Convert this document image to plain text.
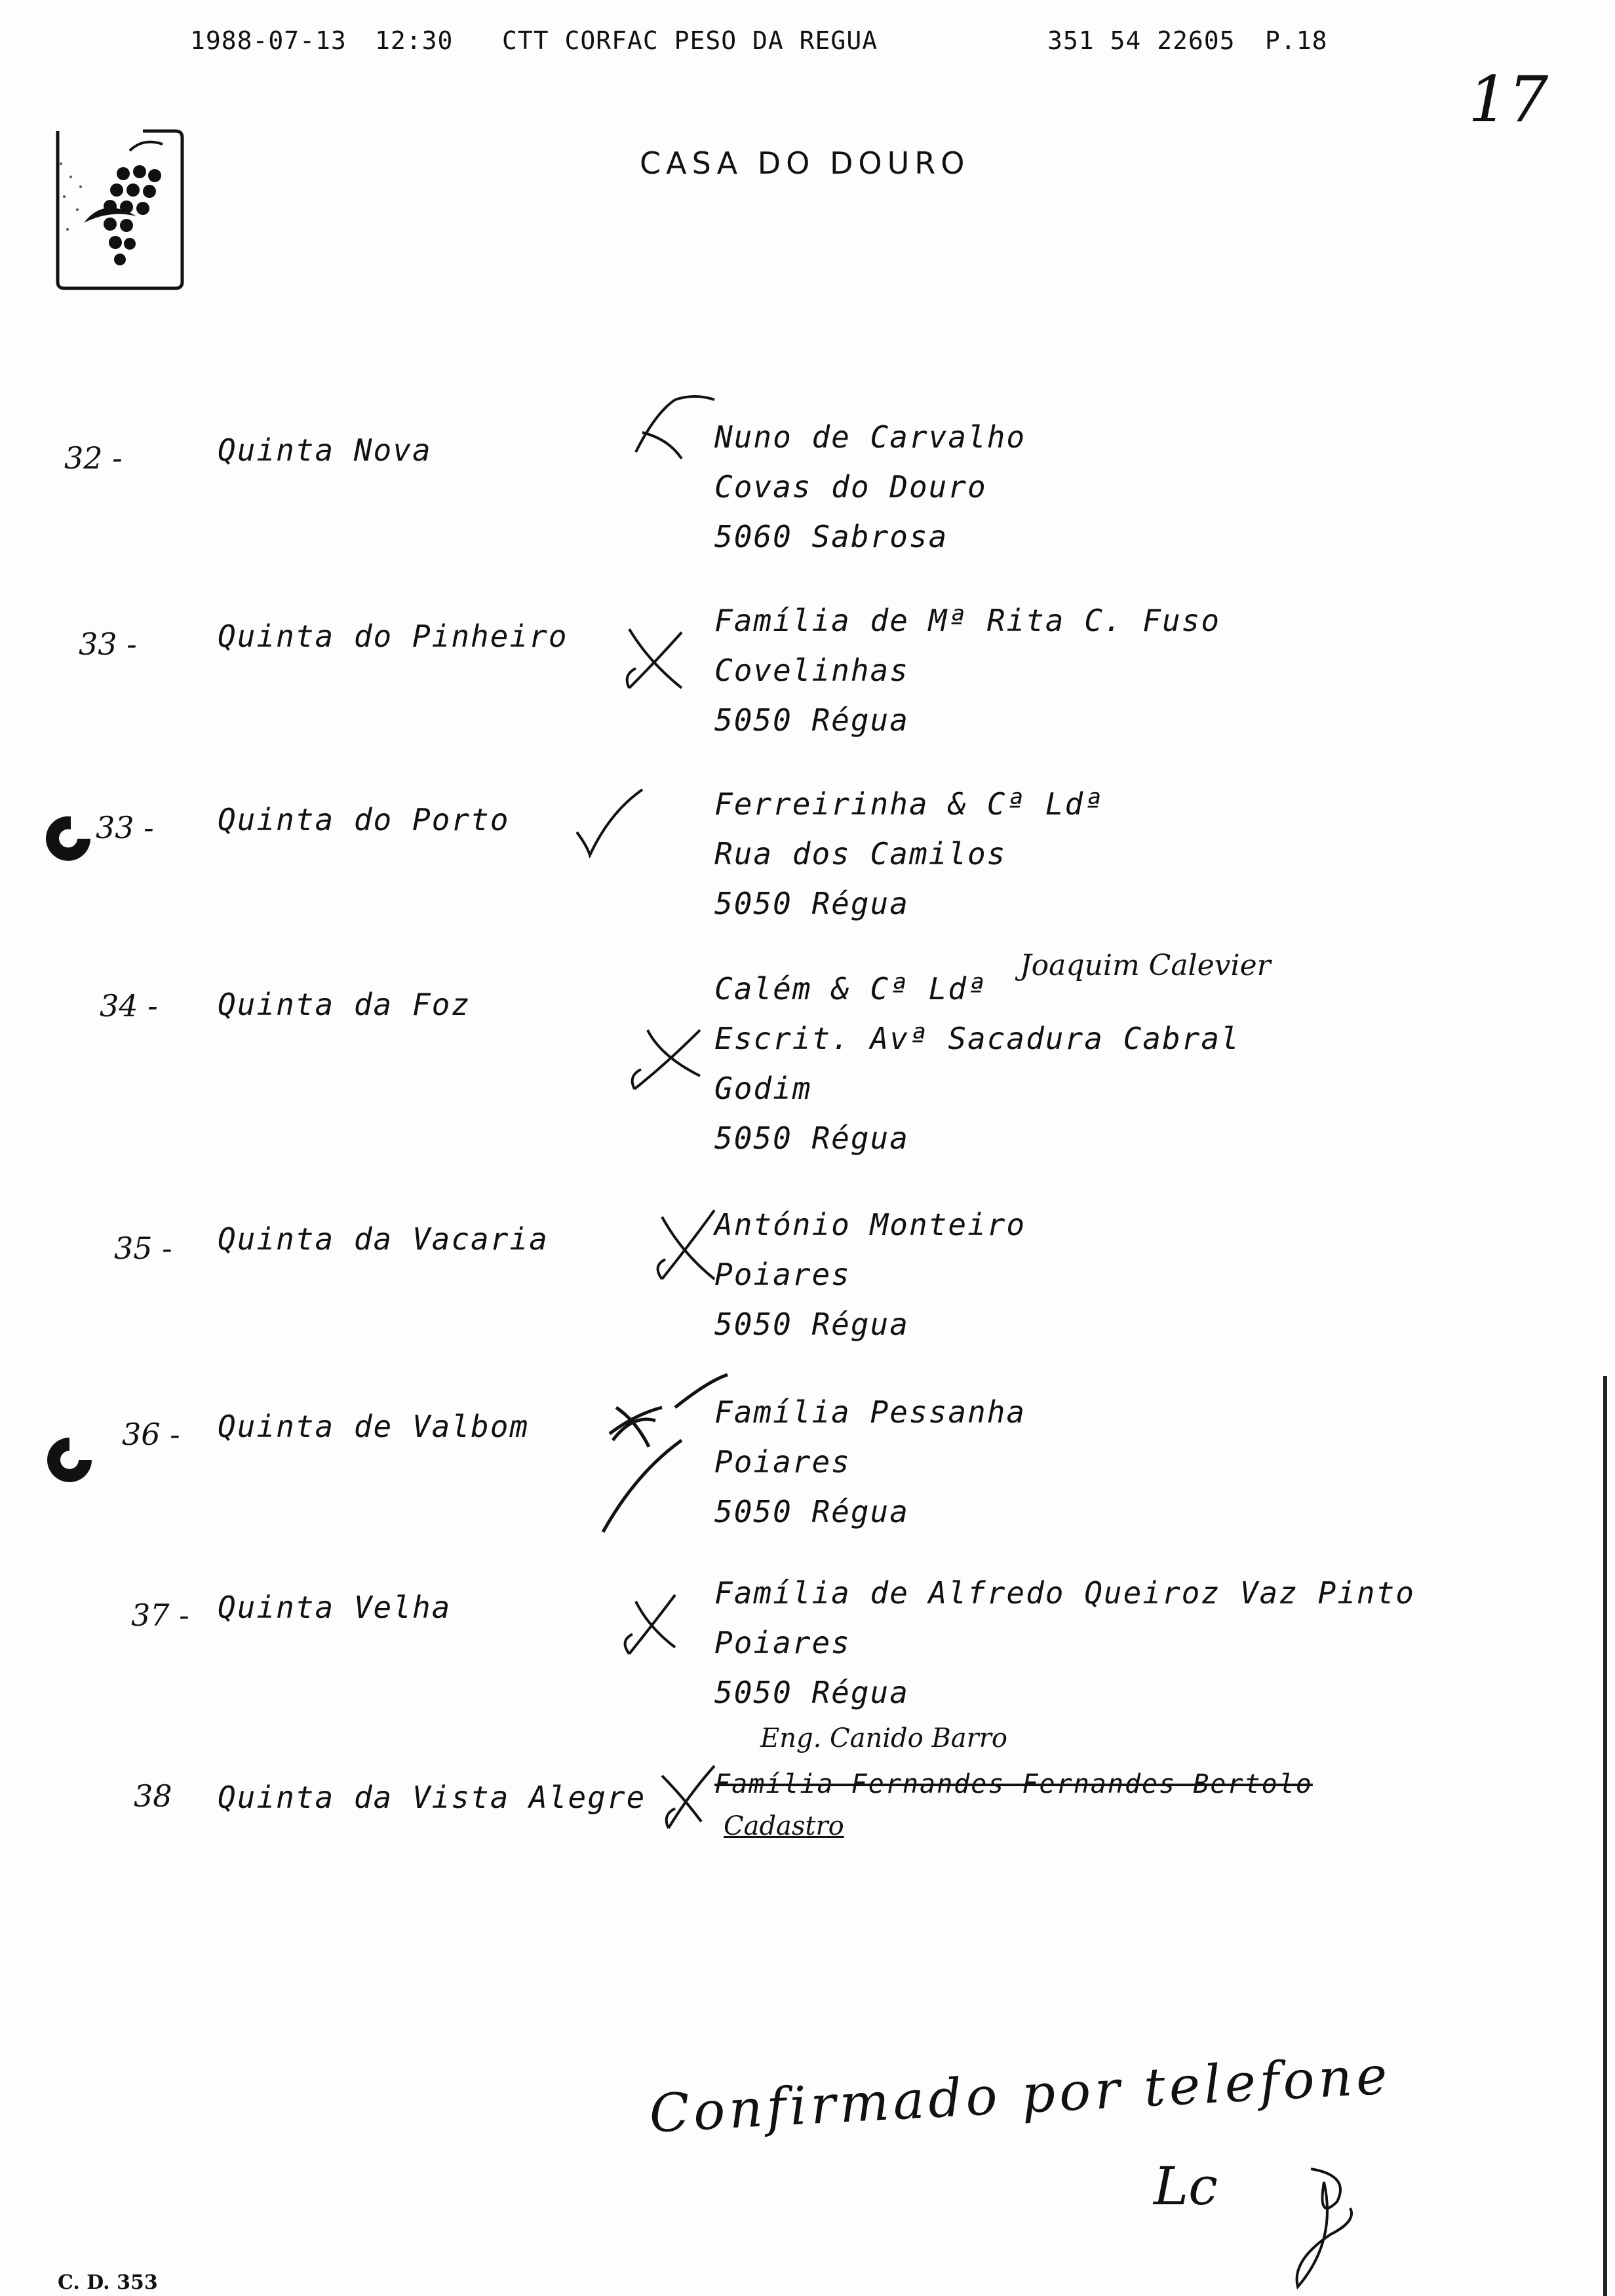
1988-07-13 12:30 CTT CORFAC PESO DA REGUA	351 54 22605 P.18
17
CASA DO DOURO
32 -	Quinta Nova	Nuno de Carvalho
Covas do Douro
5060 Sabrosa
33 -	Quinta do Pinheiro	Família de Mª Rita C. Fuso
Covelinhas
5050 Régua
33 - Quinta do Porto	Ferreirinha & Cª Ldª
Rua dos Camilos
5050 Régua
34 - Quinta da Foz
Joaquim Calevier
Calém & Cª Ldª
Escrit. Avª Sacadura Cabral
Godim
5050 Régua
35 - Quinta da Vacaria	António Monteiro
Poiares
5050 Régua
36 - Quinta de Valbom	Família Pessanha
Poiares
5050 Régua
37 - Quinta Velha	Família de Alfredo Queiroz Vaz Pinto
Poiares
5050 Régua
38 Quinta da Vista Alegre
Eng. Canido Barro
Família Fernandes Fernandes Bertolo
Cadastro
Confirmado por telefone
Lc
C. D. 353
